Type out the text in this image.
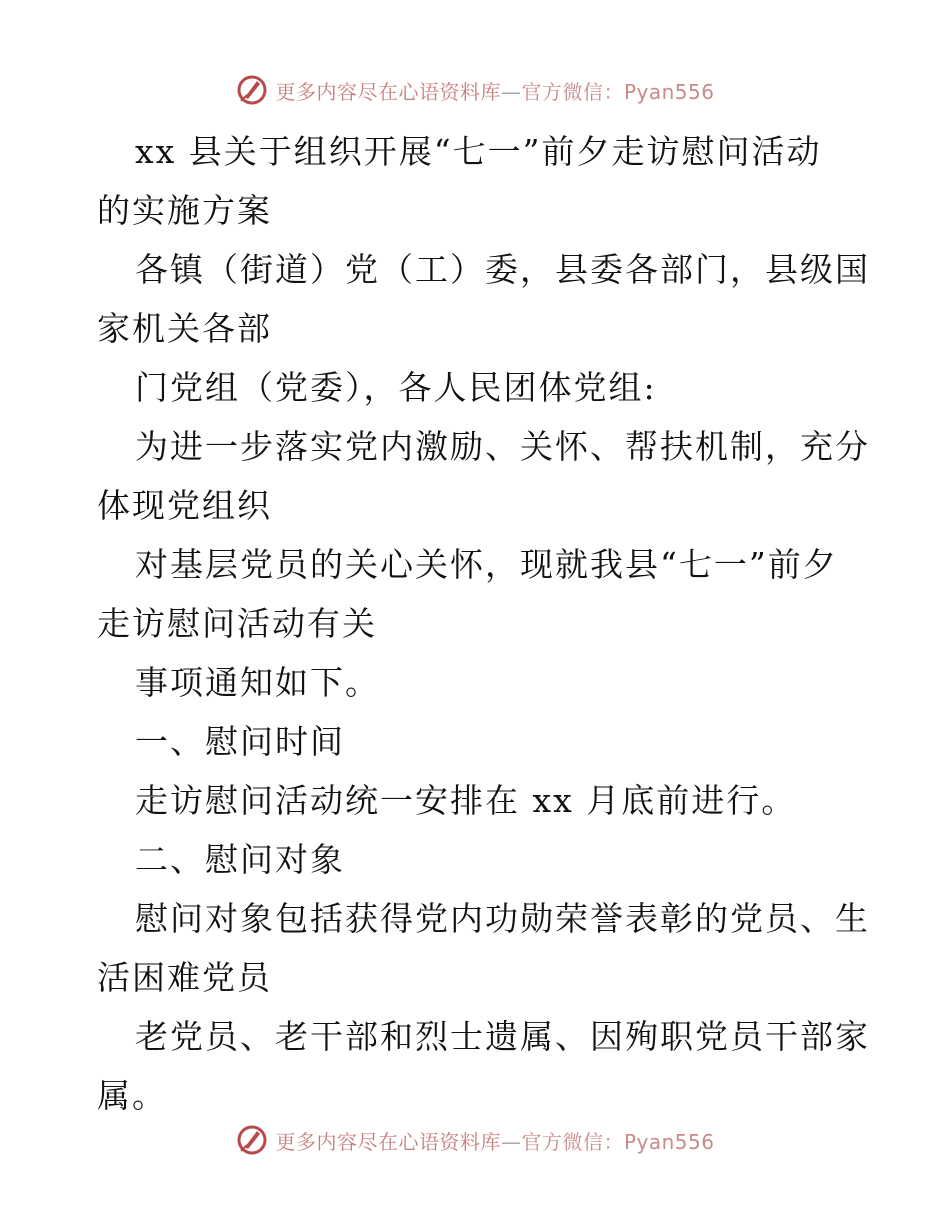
更多内容尽在心语资料库—官方微信：Pyan556
xx 县关于组织开展“七一”前夕走访慰问活动
的实施方案
各镇（街道）党（工）委，县委各部门，县级国
家机关各部
门党组（党委），各人民团体党组:
为进一步落实党内激励、关怀、帮扶机制，充分
体现党组织
对基层党员的关心关怀，现就我县“七一”前夕
走访慰问活动有关
事项通知如下。
一、慰问时间
走访慰问活动统一安排在 xx 月底前进行。
二、慰问对象
慰问对象包括获得党内功勋荣誉表彰的党员、生
活困难党员
老党员、老干部和烈士遗属、因殉职党员干部家
属。
更多内容尽在心语资料库—官方微信：Pyan556
